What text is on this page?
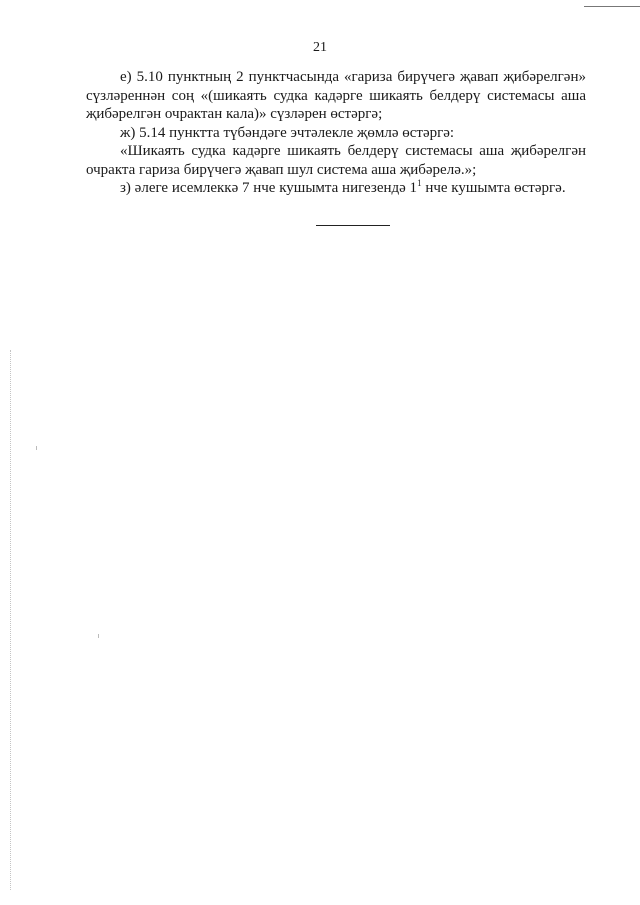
21

е) 5.10 пунктның 2 пунктчасында «гариза бирүчегә җавап җибәрелгән» сүзләреннән соң «(шикаять судка кадәрге шикаять белдерү системасы аша җибәрелгән очрактан кала)» сүзләрен өстәргә;

ж) 5.14 пунктта түбәндәге эчтәлекле җөмлә өстәргә:

«Шикаять судка кадәрге шикаять белдерү системасы аша җибәрелгән очракта гариза бирүчегә җавап шул система аша җибәрелә.»;

з) әлеге исемлеккә 7 нче кушымта нигезендә $1^1$ нче кушымта өстәргә.
